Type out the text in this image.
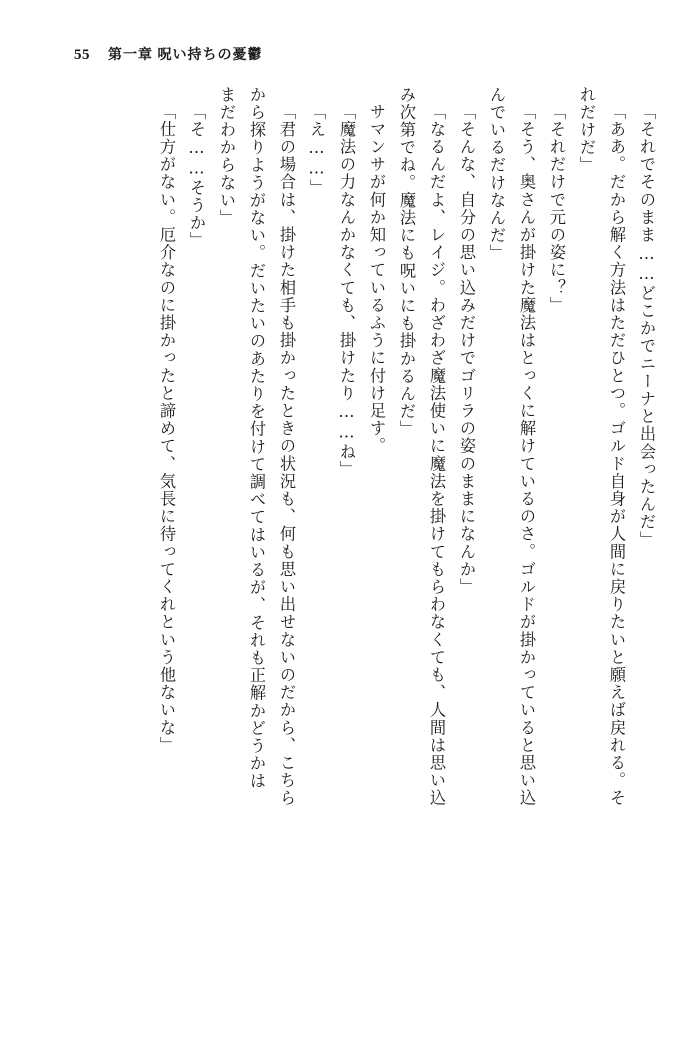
55 第一章 呪い持ちの憂鬱
「それでそのまま……どこかでニーナと出会ったんだ」
「ああ。だから解く方法はただひとつ。ゴルド自身が人間に戻りたいと願えば戻れる。そ
れだけだ」
「それだけで元の姿に？」
「そう、奥さんが掛けた魔法はとっくに解けているのさ。ゴルドが掛かっていると思い込
んでいるだけなんだ」
「そんな、自分の思い込みだけでゴリラの姿のままになんか」
「なるんだよ、レイジ。わざわざ魔法使いに魔法を掛けてもらわなくても、人間は思い込
み次第でね。魔法にも呪いにも掛かるんだ」
サマンサが何か知っているふうに付け足す。
「魔法の力なんかなくても、掛けたり……ね」
「え……」
「君の場合は、掛けた相手も掛かったときの状況も、何も思い出せないのだから、こちら
から探りようがない。だいたいのあたりを付けて調べてはいるが、それも正解かどうかは
まだわからない」
「そ……そうか」
「仕方がない。厄介なのに掛かったと諦めて、気長に待ってくれという他ないな」
